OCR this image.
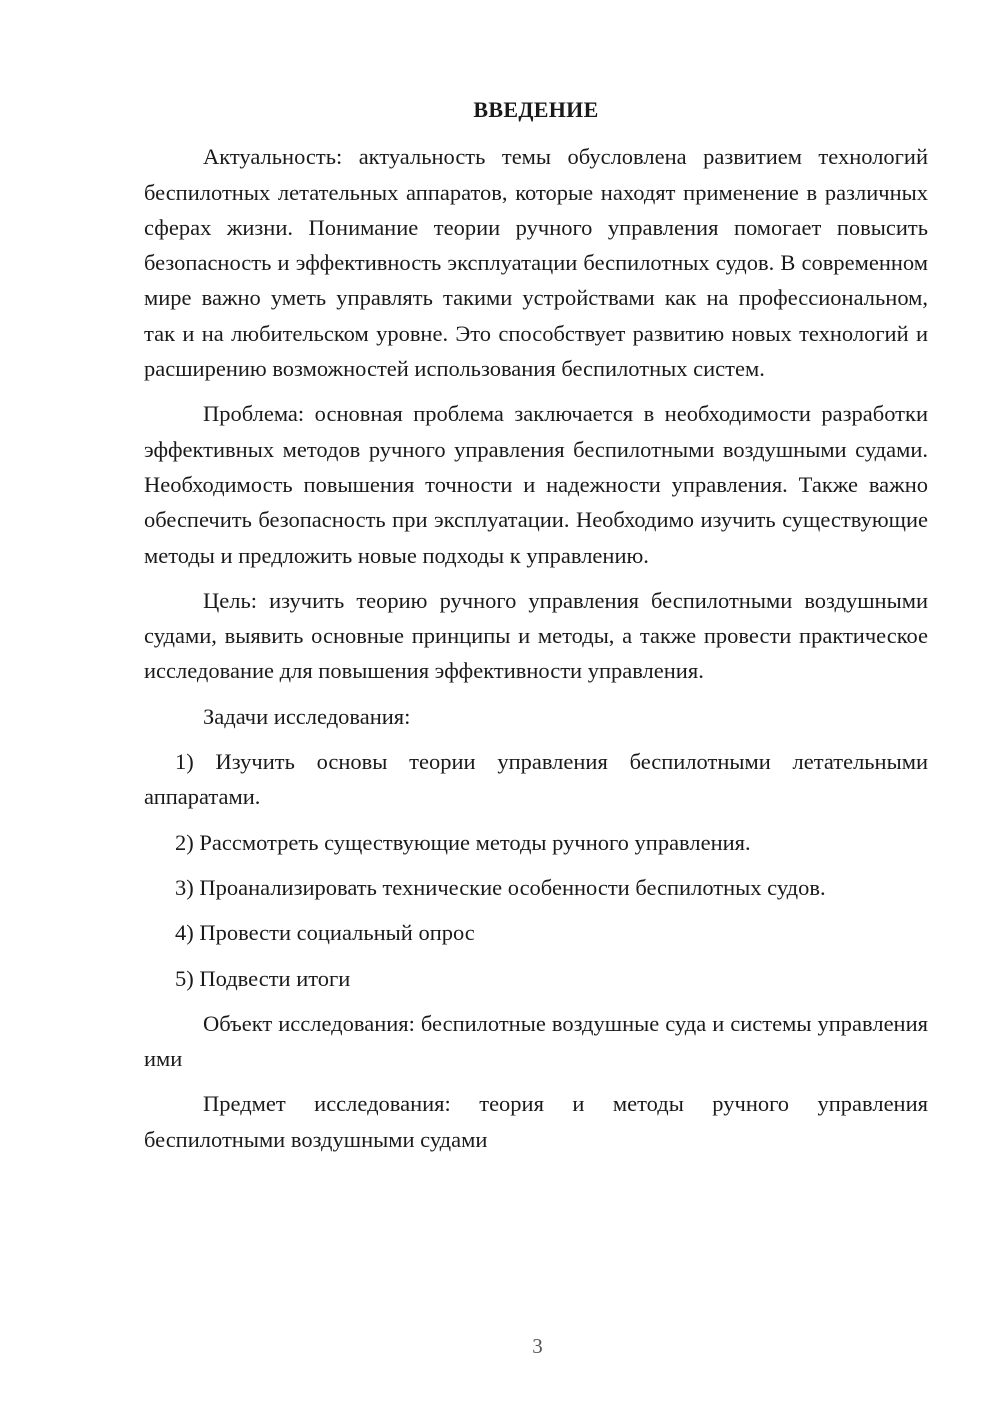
ВВЕДЕНИЕ

Актуальность: актуальность темы обусловлена развитием технологий беспилотных летательных аппаратов, которые находят применение в различных сферах жизни. Понимание теории ручного управления помогает повысить безопасность и эффективность эксплуатации беспилотных судов. В современном мире важно уметь управлять такими устройствами как на профессиональном, так и на любительском уровне. Это способствует развитию новых технологий и расширению возможностей использования беспилотных систем.

Проблема: основная проблема заключается в необходимости разработки эффективных методов ручного управления беспилотными воздушными судами. Необходимость повышения точности и надежности управления. Также важно обеспечить безопасность при эксплуатации. Необходимо изучить существующие методы и предложить новые подходы к управлению.

Цель: изучить теорию ручного управления беспилотными воздушными судами, выявить основные принципы и методы, а также провести практическое исследование для повышения эффективности управления.

Задачи исследования:

1) Изучить основы теории управления беспилотными летательными аппаратами.

2) Рассмотреть существующие методы ручного управления.

3) Проанализировать технические особенности беспилотных судов.

4) Провести социальный опрос

5) Подвести итоги

Объект исследования: беспилотные воздушные суда и системы управления ими

Предмет исследования: теория и методы ручного управления беспилотными воздушными судами

3
